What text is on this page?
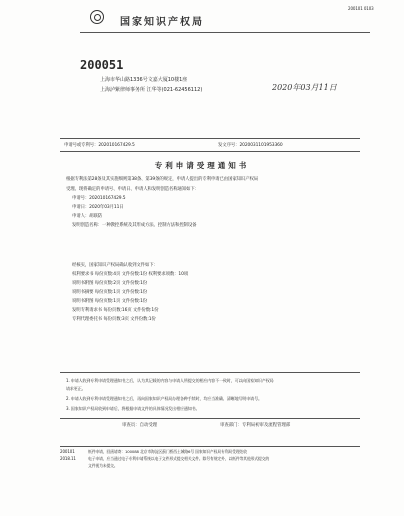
国家知识产权局
200101 0103
200051
上海市华山路1336号文嘉大厦10楼1座
上海泸紫律师事务所 江华等(021-62456112)	2020年03月11日
申请号或专利号：202010167429.5	发文序号：2020031101953360
专利申请受理通知书
根据专利法第28条及其实施细则第38条、第39条的规定，申请人提出的专利申请已由国家知识产权局
受理。现将确定的申请号、申请日、申请人和发明创造名称通知如下：
申请号：202010167429.5
申请日：2020年03月11日
申请人：胡联防
发明创造名称：一种教控系统及其形成方法、控制方法和控制设备
经核实，国家知识产权局确认收到文件如下：
权利要求书 每份页数:4页 文件份数:1份 权利要求项数：10项
说明书附图 每份页数:2页 文件份数:1份
说明书摘要 每份页数:1页 文件份数:1份
说明书附图 每份页数:1页 文件份数:1份
发明专利请求书 每份页数:16页 文件份数:1份
专利代理委托书 每份页数:3页 文件份数:1份
1. 申请人收到专利申请受理通知书之后，认为其记载的内容与申请人所提交的相应内容不一致时，可以向国家知识产权局
请求更正。
2. 申请人收到专利申请受理通知书之后，再向国家知识产权局办理各种手续时，均应当准确、清晰地写明申请号。
3. 国家知识产权局收到申请后，将根据申请文件的具体情况发出相应通知书。
审查员：自动受理	审查部门：专利局初审及流程管理部
200101	纸件申请，回函请寄：100088 北京市海淀区蓟门桥西土城路6号 国家知识产权局专利局受理处收
2018.11	电子申请，应当通过电子专利申请系统以电子文件形式提交相关文件。除另有规定外，以纸件等其他形式提交的
文件视为未提交。
